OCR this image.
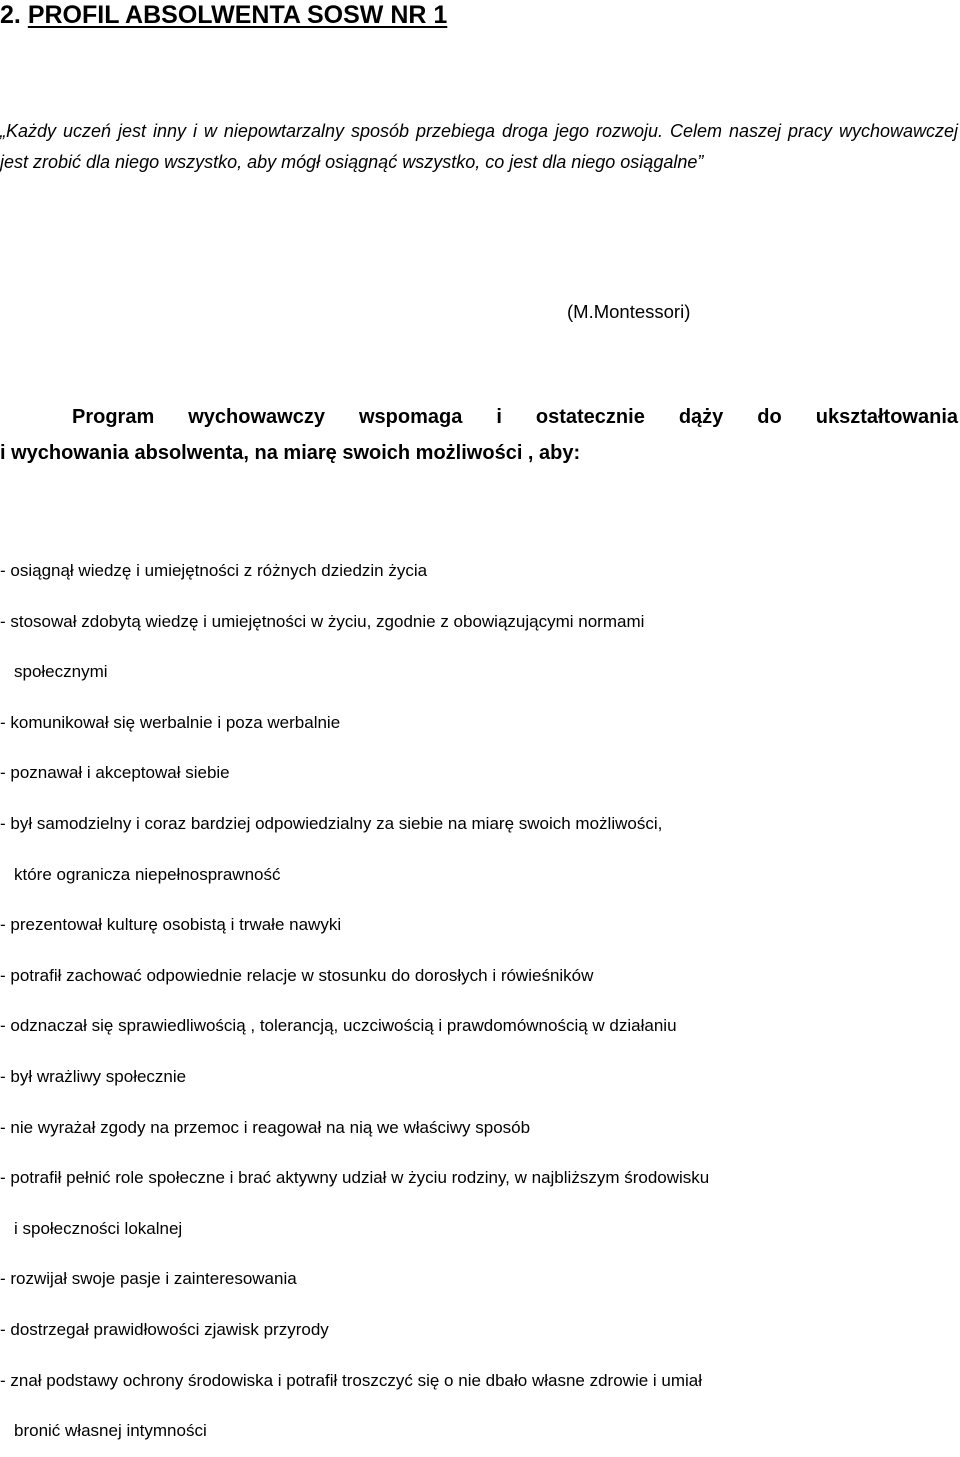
2. PROFIL ABSOLWENTA SOSW NR 1
„Każdy uczeń jest inny i w niepowtarzalny sposób przebiega droga jego rozwoju. Celem naszej pracy wychowawczej jest zrobić dla niego wszystko, aby mógł osiągnąć wszystko, co jest dla niego osiągalne”
(M.Montessori)
Program wychowawczy wspomaga i ostatecznie dąży do ukształtowania
i wychowania absolwenta, na miarę swoich możliwości , aby:
- osiągnął wiedzę i umiejętności z różnych dziedzin życia
- stosował zdobytą wiedzę i umiejętności w życiu, zgodnie z obowiązującymi normami
społecznymi
- komunikował się werbalnie i poza werbalnie
- poznawał i akceptował siebie
- był samodzielny i coraz bardziej odpowiedzialny za siebie na miarę swoich możliwości,
które ogranicza niepełnosprawność
- prezentował kulturę osobistą i trwałe nawyki
- potrafił zachować odpowiednie relacje w stosunku do dorosłych i rówieśników
- odznaczał się sprawiedliwością , tolerancją, uczciwością i prawdomównością w działaniu
- był wrażliwy społecznie
- nie wyrażał zgody na przemoc i reagował na nią we właściwy sposób
- potrafił pełnić role społeczne i brać aktywny udział w życiu rodziny, w najbliższym środowisku
i społeczności lokalnej
- rozwijał swoje pasje i zainteresowania
- dostrzegał prawidłowości zjawisk przyrody
- znał podstawy ochrony środowiska i potrafił troszczyć się o nie dbało własne zdrowie i umiał
bronić własnej intymności
